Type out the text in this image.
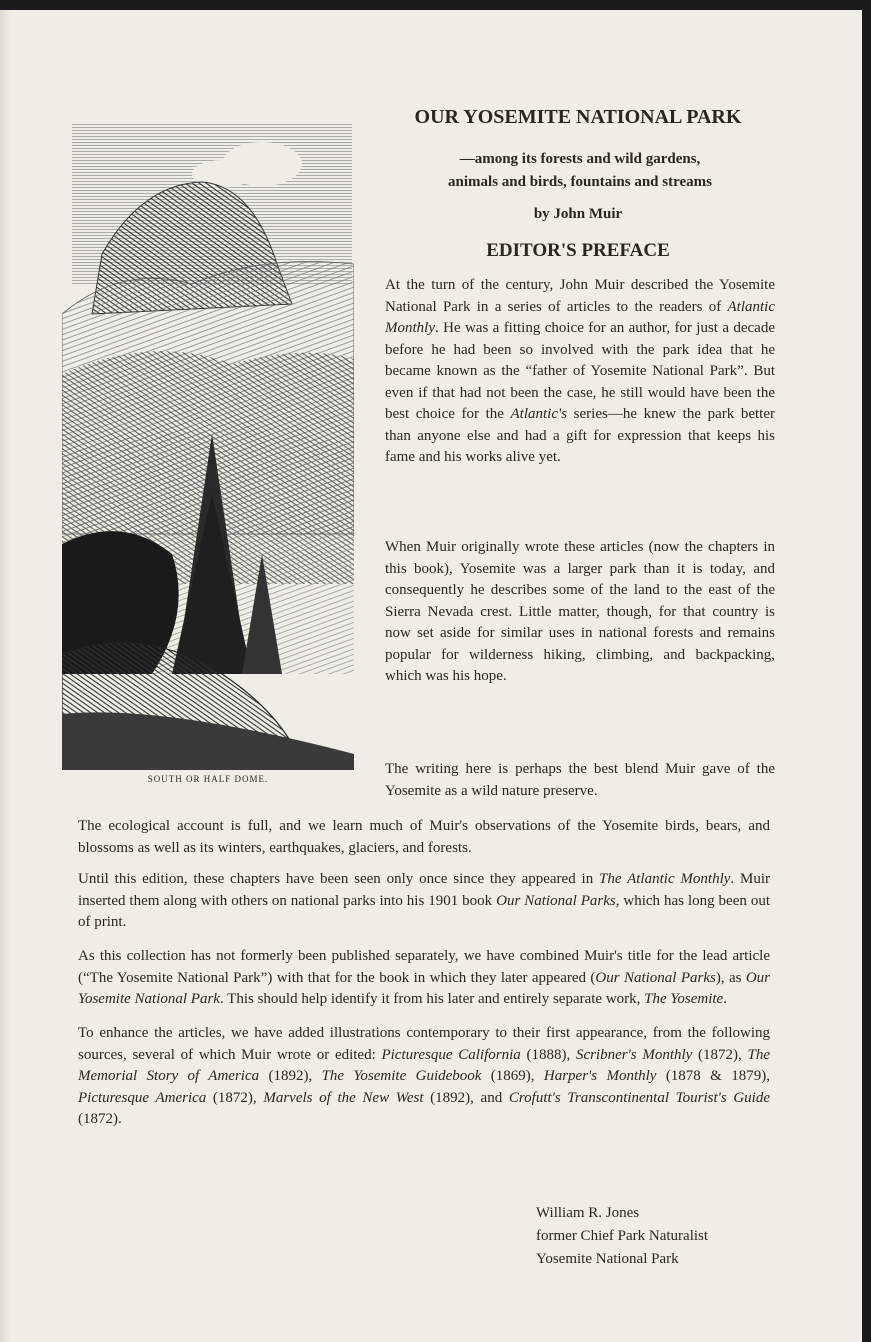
SOUTH OR HALF DOME.
OUR YOSEMITE NATIONAL PARK
—among its forests and wild gardens,
animals and birds, fountains and streams
by John Muir
EDITOR'S PREFACE

At the turn of the century, John Muir described the Yosemite National Park in a series of articles to the readers of Atlantic Monthly. He was a fitting choice for an author, for just a decade before he had been so involved with the park idea that he became known as the “father of Yosemite National Park”. But even if that had not been the case, he still would have been the best choice for the Atlantic's series—he knew the park better than anyone else and had a gift for expression that keeps his fame and his works alive yet.

When Muir originally wrote these articles (now the chapters in this book), Yosemite was a larger park than it is today, and consequently he describes some of the land to the east of the Sierra Nevada crest. Little matter, though, for that country is now set aside for similar uses in national forests and remains popular for wilderness hiking, climbing, and backpacking, which was his hope.

The writing here is perhaps the best blend Muir gave of the Yosemite as a wild nature preserve.

The ecological account is full, and we learn much of Muir's observations of the Yosemite birds, bears, and blossoms as well as its winters, earthquakes, glaciers, and forests.

Until this edition, these chapters have been seen only once since they appeared in The Atlantic Monthly. Muir inserted them along with others on national parks into his 1901 book Our National Parks, which has long been out of print.

As this collection has not formerly been published separately, we have combined Muir's title for the lead article (“The Yosemite National Park”) with that for the book in which they later appeared (Our National Parks), as Our Yosemite National Park. This should help identify it from his later and entirely separate work, The Yosemite.

To enhance the articles, we have added illustrations contemporary to their first appearance, from the following sources, several of which Muir wrote or edited: Picturesque California (1888), Scribner's Monthly (1872), The Memorial Story of America (1892), The Yosemite Guidebook (1869), Harper's Monthly (1878 & 1879), Picturesque America (1872), Marvels of the New West (1892), and Crofutt's Transcontinental Tourist's Guide (1872).

William R. Jones
former Chief Park Naturalist
Yosemite National Park
